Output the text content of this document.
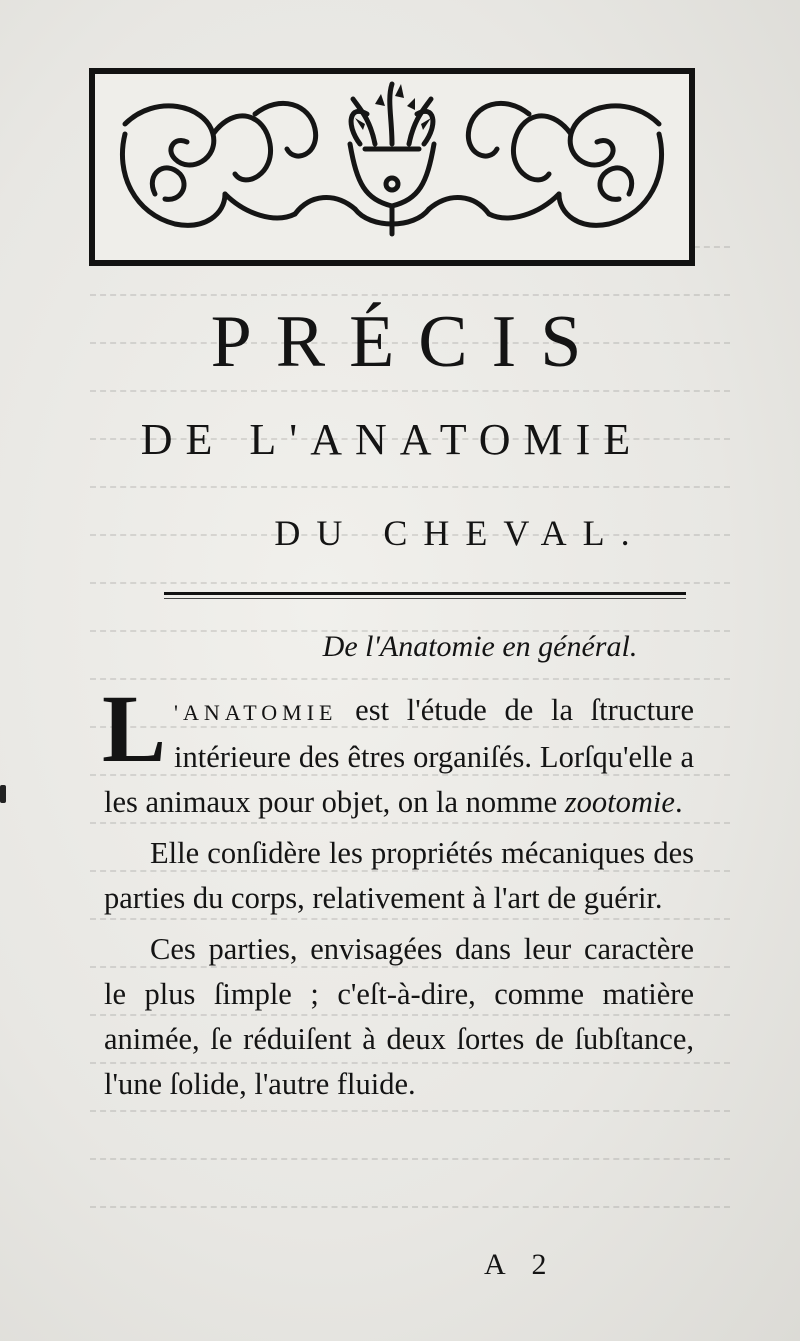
PRÉCIS
DE L'ANATOMIE
DU CHEVAL.
De l'Anatomie en général.

L 'ANATOMIE est l'étude de la ſtructure intérieure des êtres organiſés. Lorſqu'elle a les animaux pour objet, on la nomme zootomie.

Elle conſidère les propriétés mécaniques des parties du corps, relativement à l'art de guérir.

Ces parties, envisagées dans leur caractère le plus ſimple ; c'eſt-à-dire, comme matière animée, ſe réduiſent à deux ſortes de ſubſtance, l'une ſolide, l'autre fluide.

A 2
